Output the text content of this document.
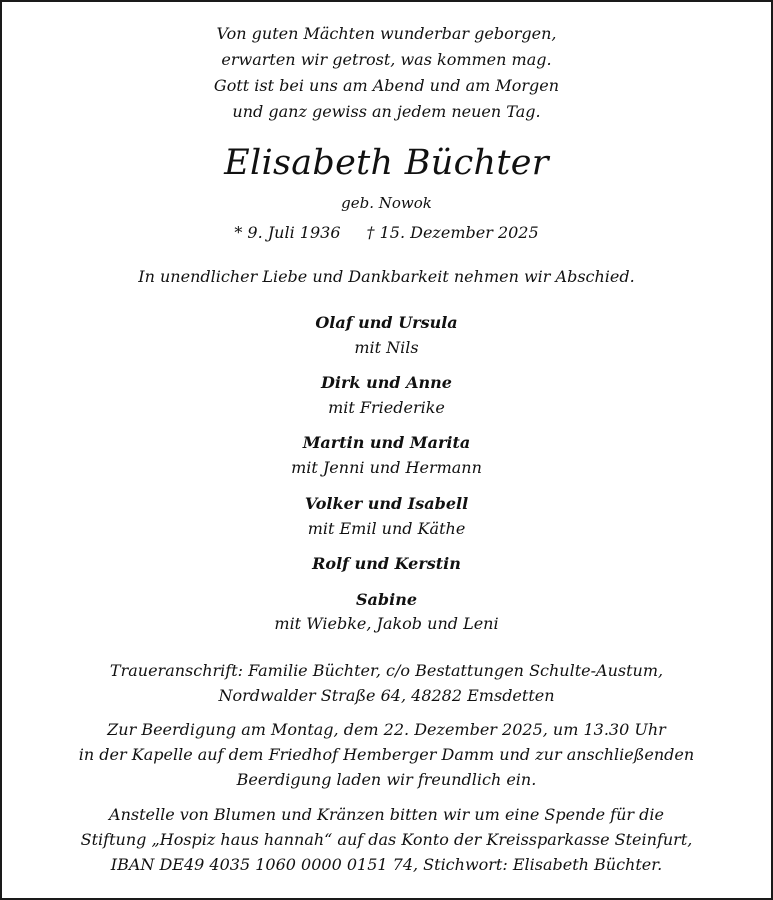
Von guten Mächten wunderbar geborgen,
erwarten wir getrost, was kommen mag.
Gott ist bei uns am Abend und am Morgen
und ganz gewiss an jedem neuen Tag.
Elisabeth Büchter
geb. Nowok
* 9. Juli 1936 † 15. Dezember 2025
In unendlicher Liebe und Dankbarkeit nehmen wir Abschied.
Olaf und Ursula
mit Nils
Dirk und Anne
mit Friederike
Martin und Marita
mit Jenni und Hermann
Volker und Isabell
mit Emil und Käthe
Rolf und Kerstin
Sabine
mit Wiebke, Jakob und Leni
Traueranschrift: Familie Büchter, c/o Bestattungen Schulte-Austum,
Nordwalder Straße 64, 48282 Emsdetten
Zur Beerdigung am Montag, dem 22. Dezember 2025, um 13.30 Uhr
in der Kapelle auf dem Friedhof Hemberger Damm und zur anschließenden
Beerdigung laden wir freundlich ein.
Anstelle von Blumen und Kränzen bitten wir um eine Spende für die
Stiftung „Hospiz haus hannah“ auf das Konto der Kreissparkasse Steinfurt,
IBAN DE49 4035 1060 0000 0151 74, Stichwort: Elisabeth Büchter.
